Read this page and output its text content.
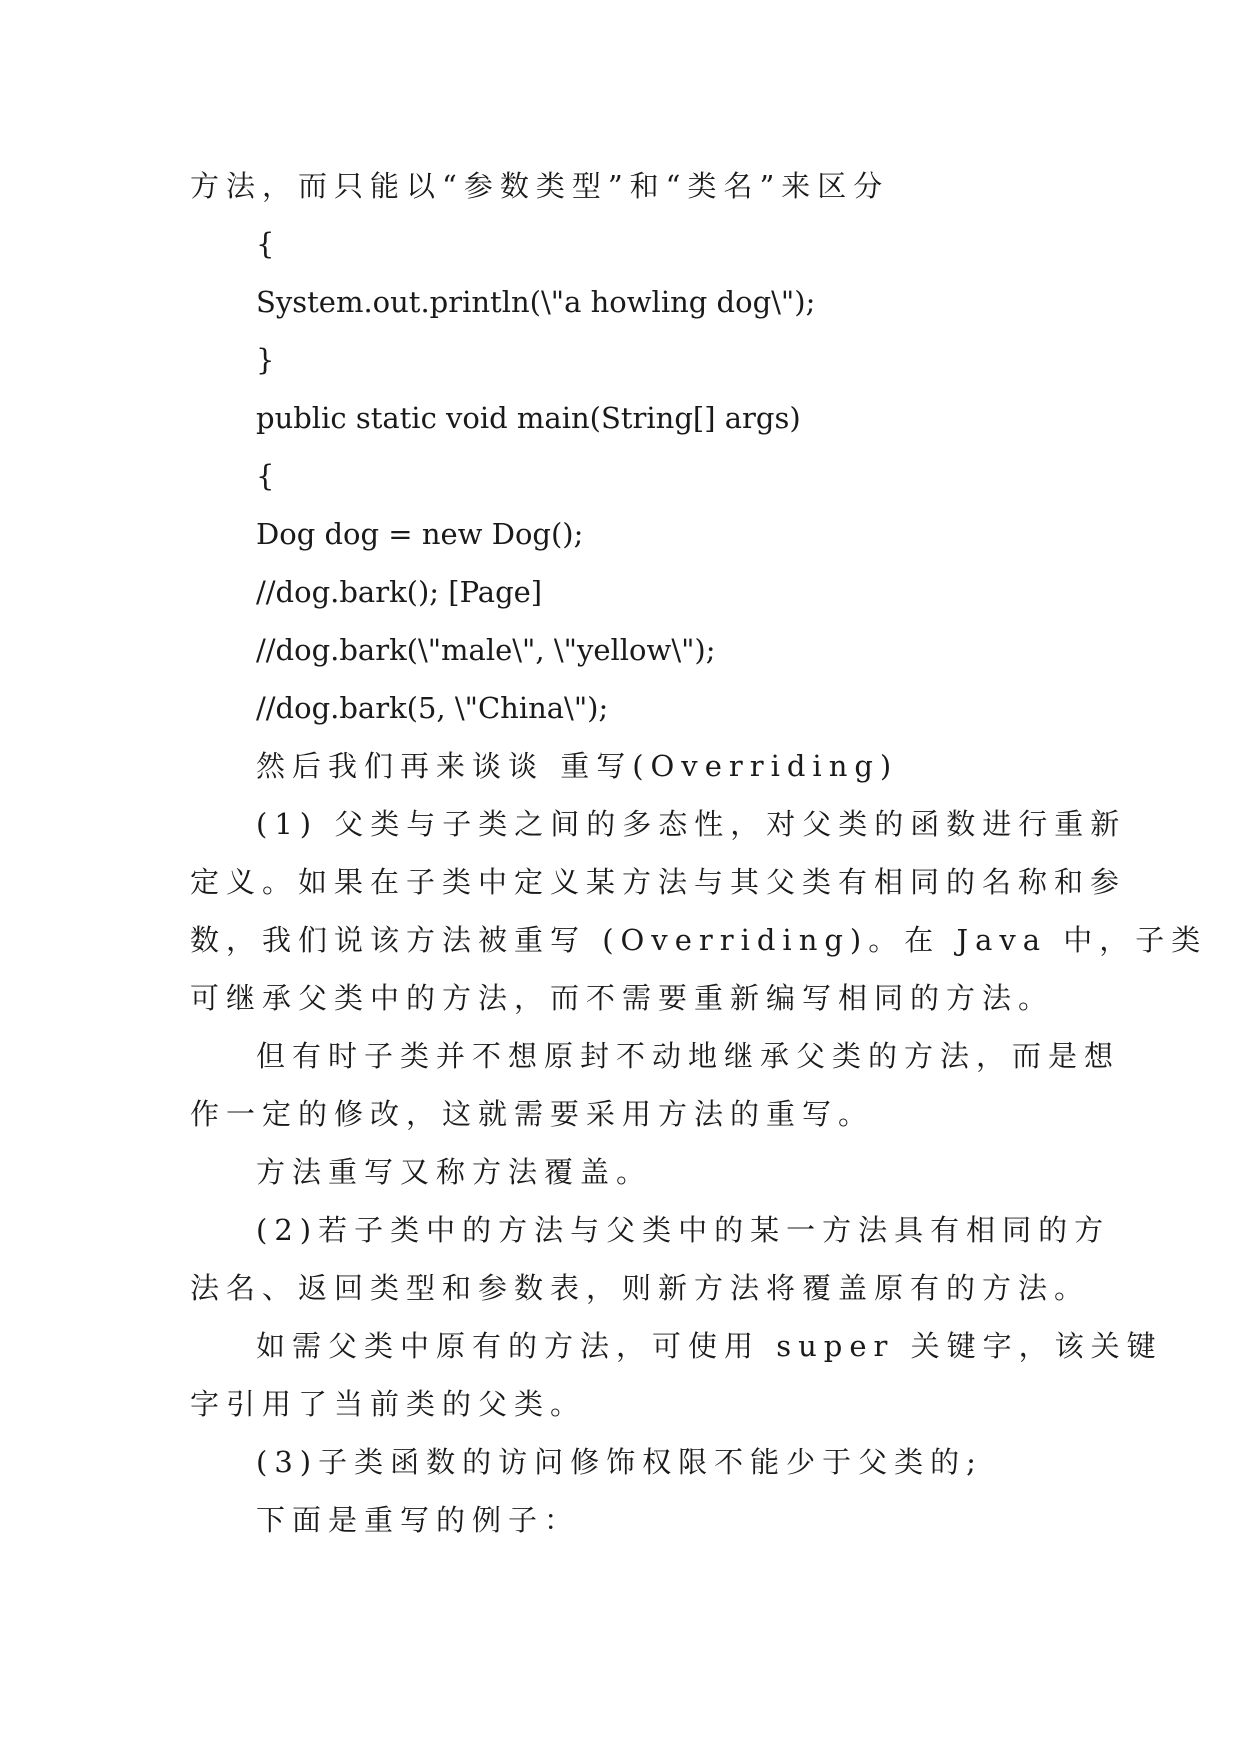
方法，而只能以“参数类型”和“类名”来区分
{
System.out.println(\"a howling dog\");
}
public static void main(String[] args)
{
Dog dog = new Dog();
//dog.bark(); [Page]
//dog.bark(\"male\", \"yellow\");
//dog.bark(5, \"China\");
然后我们再来谈谈 重写(Overriding)
(1) 父类与子类之间的多态性，对父类的函数进行重新
定义。如果在子类中定义某方法与其父类有相同的名称和参
数，我们说该方法被重写 (Overriding)。在 Java 中，子类
可继承父类中的方法，而不需要重新编写相同的方法。
但有时子类并不想原封不动地继承父类的方法，而是想
作一定的修改，这就需要采用方法的重写。
方法重写又称方法覆盖。
(2)若子类中的方法与父类中的某一方法具有相同的方
法名、返回类型和参数表，则新方法将覆盖原有的方法。
如需父类中原有的方法，可使用 super 关键字，该关键
字引用了当前类的父类。
(3)子类函数的访问修饰权限不能少于父类的;
下面是重写的例子：
